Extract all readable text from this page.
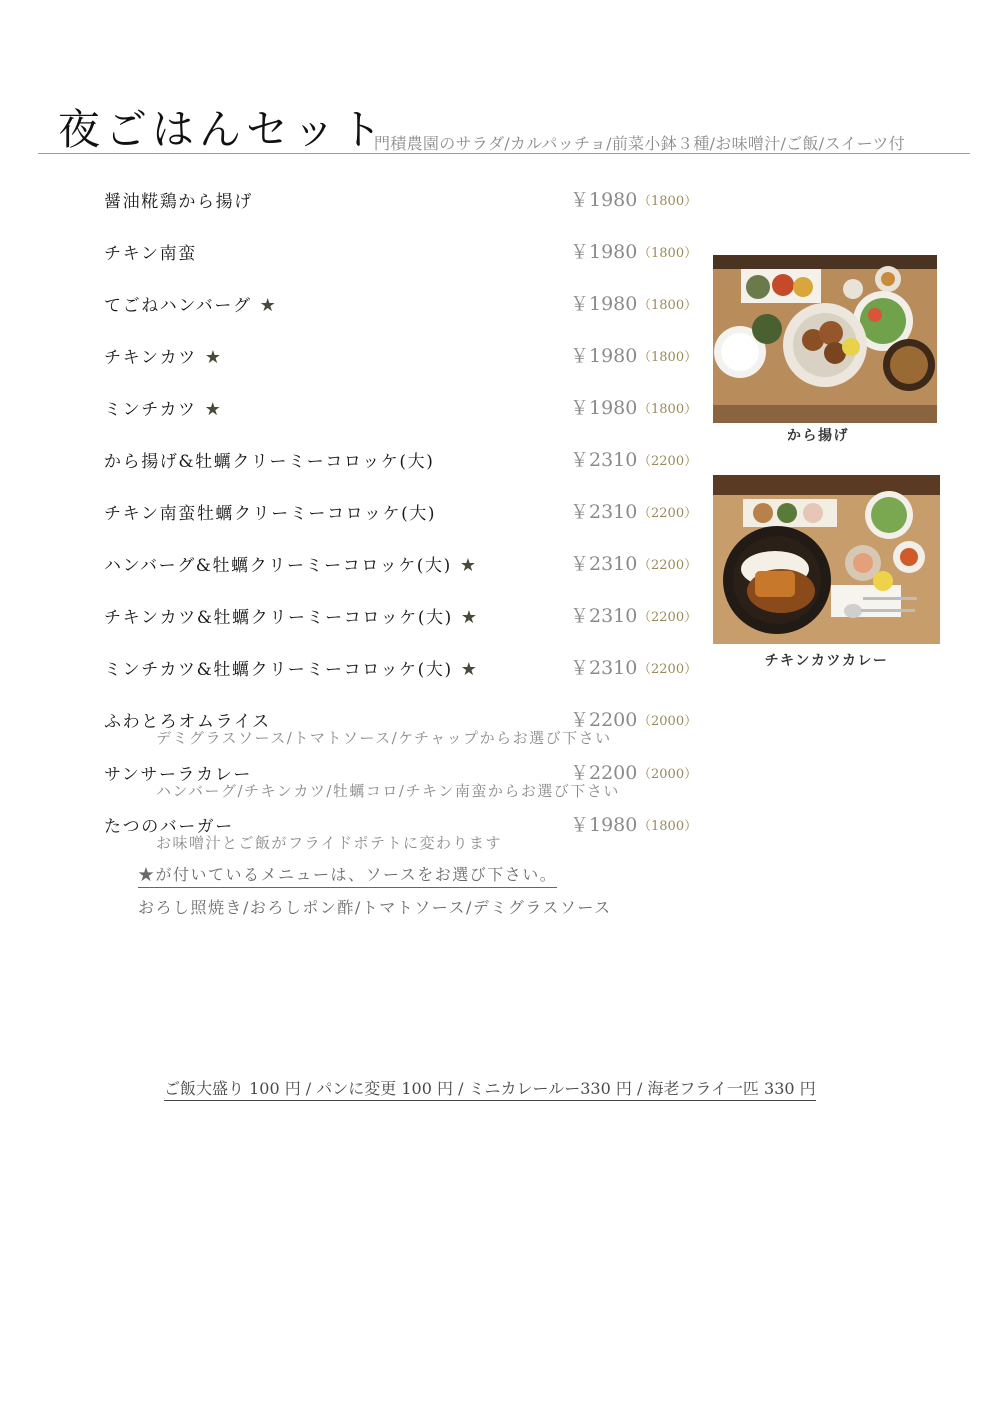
夜ごはんセット
門積農園のサラダ/カルパッチョ/前菜小鉢３種/お味噌汁/ご飯/スイーツ付
醤油糀鶏から揚げ	￥1980 （1800）
チキン南蛮	￥1980 （1800）
てごねハンバーグ ★	￥1980 （1800）
チキンカツ ★	￥1980 （1800）
ミンチカツ ★	￥1980 （1800）
から揚げ&牡蠣クリーミーコロッケ(大)	￥2310 （2200）
チキン南蛮牡蠣クリーミーコロッケ(大)	￥2310 （2200）
ハンバーグ&牡蠣クリーミーコロッケ(大) ★	￥2310 （2200）
チキンカツ&牡蠣クリーミーコロッケ(大) ★	￥2310 （2200）
ミンチカツ&牡蠣クリーミーコロッケ(大) ★	￥2310 （2200）
ふわとろオムライス	￥2200 （2000）
デミグラスソース/トマトソース/ケチャップからお選び下さい
サンサーラカレー	￥2200 （2000）
ハンバーグ/チキンカツ/牡蠣コロ/チキン南蛮からお選び下さい
たつのバーガー	￥1980 （1800）
お味噌汁とご飯がフライドポテトに変わります
★が付いているメニューは、ソースをお選び下さい。
おろし照焼き/おろしポン酢/トマトソース/デミグラスソース
から揚げ
チキンカツカレー
ご飯大盛り 100 円 / パンに変更 100 円 / ミニカレールー330 円 / 海老フライ一匹 330 円
